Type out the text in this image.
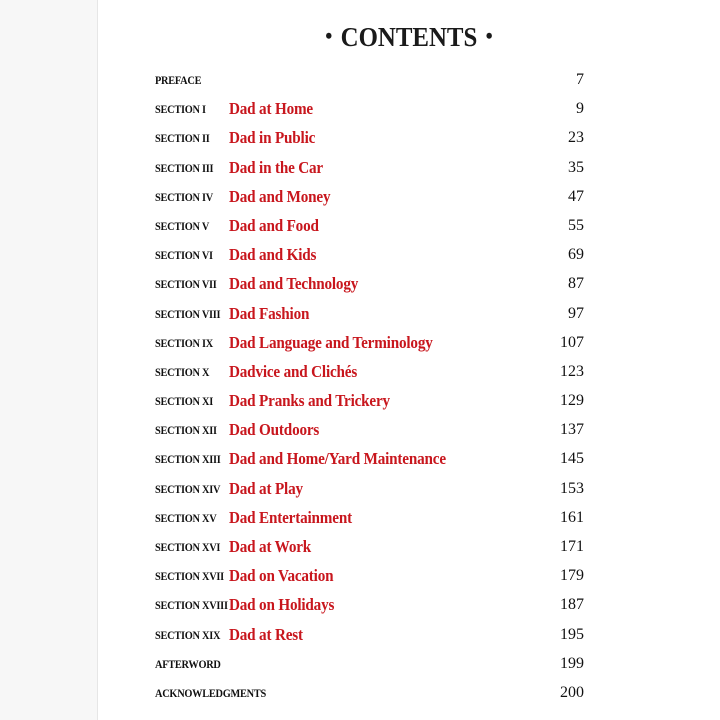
• CONTENTS •
PREFACE	7
SECTION I Dad at Home	9
SECTION II Dad in Public	23
SECTION III Dad in the Car	35
SECTION IV Dad and Money	47
SECTION V Dad and Food	55
SECTION VI Dad and Kids	69
SECTION VII Dad and Technology	87
SECTION VIII Dad Fashion	97
SECTION IX Dad Language and Terminology	107
SECTION X Dadvice and Clichés	123
SECTION XI Dad Pranks and Trickery	129
SECTION XII Dad Outdoors	137
SECTION XIII Dad and Home/Yard Maintenance	145
SECTION XIV Dad at Play	153
SECTION XV Dad Entertainment	161
SECTION XVI Dad at Work	171
SECTION XVII Dad on Vacation	179
SECTION XVIII Dad on Holidays	187
SECTION XIX Dad at Rest	195
AFTERWORD	199
ACKNOWLEDGMENTS	200
